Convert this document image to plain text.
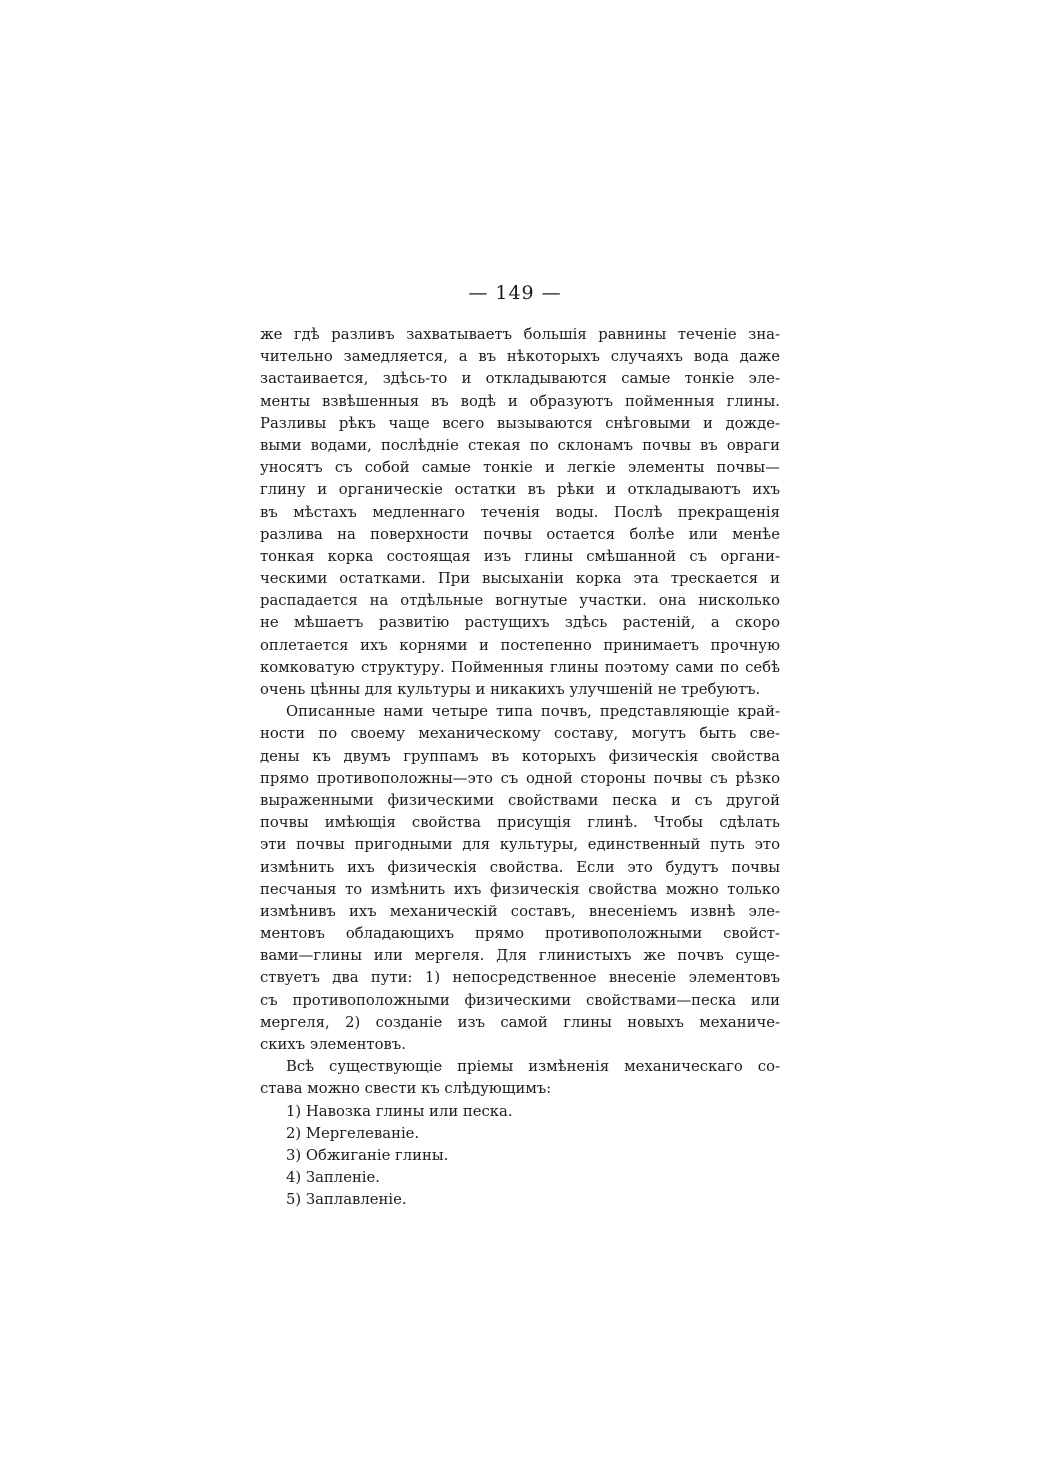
— 149 —
же гдѣ разливъ захватываетъ большія равнины теченіе зна-
чительно замедляется, а въ нѣкоторыхъ случаяхъ вода даже
застаивается, здѣсь-то и откладываются самые тонкіе эле-
менты взвѣшенныя въ водѣ и образуютъ пойменныя глины.
Разливы рѣкъ чаще всего вызываются снѣговыми и дожде-
выми водами, послѣдніе стекая по склонамъ почвы въ овраги
уносятъ съ собой самые тонкіе и легкіе элементы почвы—
глину и органическіе остатки въ рѣки и откладываютъ ихъ
въ мѣстахъ медленнаго теченія воды. Послѣ прекращенія
разлива на поверхности почвы остается болѣе или менѣе
тонкая корка состоящая изъ глины смѣшанной съ органи-
ческими остатками. При высыханіи корка эта трескается и
распадается на отдѣльные вогнутые участки. она нисколько
не мѣшаетъ развитію растущихъ здѣсь растеній, а скоро
оплетается ихъ корнями и постепенно принимаетъ прочную
комковатую структуру. Пойменныя глины поэтому сами по себѣ
очень цѣнны для культуры и никакихъ улучшеній не требуютъ.
Описанные нами четыре типа почвъ, представляющіе край-
ности по своему механическому составу, могутъ быть све-
дены къ двумъ группамъ въ которыхъ физическія свойства
прямо противоположны—это съ одной стороны почвы съ рѣзко
выраженными физическими свойствами песка и съ другой
почвы имѣющія свойства присущія глинѣ. Чтобы сдѣлать
эти почвы пригодными для культуры, единственный путь это
измѣнить ихъ физическія свойства. Если это будутъ почвы
песчаныя то измѣнить ихъ физическія свойства можно только
измѣнивъ ихъ механическій составъ, внесеніемъ извнѣ эле-
ментовъ обладающихъ прямо противоположными свойст-
вами—глины или мергеля. Для глинистыхъ же почвъ суще-
ствуетъ два пути: 1) непосредственное внесеніе элементовъ
съ противоположными физическими свойствами—песка или
мергеля, 2) созданіе изъ самой глины новыхъ механиче-
скихъ элементовъ.
Всѣ существующіе пріемы измѣненія механическаго со-
става можно свести къ слѣдующимъ:
1) Навозка глины или песка.
2) Мергелеваніе.
3) Обжиганіе глины.
4) Запленіе.
5) Заплавленіе.
